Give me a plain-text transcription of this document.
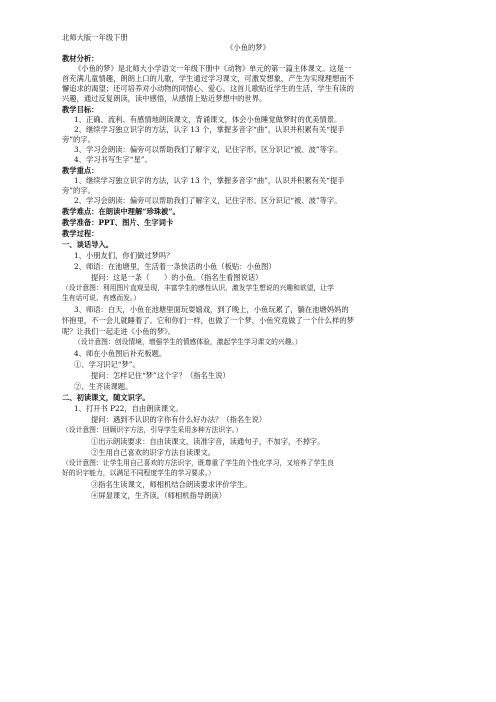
北师大版一年级下册
《小鱼的梦》
教材分析：
《小鱼的梦》是北师大小学语文一年级下册中《动物》单元的第一篇主体课文。这是一
首充满儿童情趣，朗朗上口的儿歌，学生通过学习课文，可激发想象，产生为实现理想而不
懈追求的渴望；还可培养对小动物的同情心、爱心。这首儿歌贴近学生的生活，学生有读的
兴趣，通过反复朗读，读中感悟，从感情上贴近梦想中的世界。
教学目标：
1、正确、流利、有感情地朗读课文，背诵课文，体会小鱼睡觉做梦时的优美情景。
2、继续学习独立识字的方法，认字 13 个，掌握多音字“曲”，认识并积累有关“提手
旁”的字。
3、学习会朗读：偏旁可以帮助我们了解字义，记住字形。区分识记“被、波”等字。
4、学习书写生字“星”。
教学重点：
1、继续学习独立识字的方法，认字 13 个，掌握多音字“曲”，认识并积累有关“提手
旁”的字。
2、学习会朗读：偏旁可以帮助我们了解字义，记住字形。区分识记“被、波”等字。
教学难点：在朗读中理解“珍珠被”。
教学准备：PPT、图片、生字词卡
教学过程：
一、谈话导入。
1、小朋友们，你们做过梦吗？
2、师语：在池塘里，生活着一条快活的小鱼（板贴：小鱼图）
提问：这是一条（　　）的小鱼。（指名生看图说话）
（设计意图：利用图片直观呈现，丰富学生的感性认识，激发学生想说的兴趣和欲望，让学
生有话可说、有感而发。）
3、师语：白天，小鱼在池塘里面玩耍嬉戏，到了晚上，小鱼玩累了，躺在池塘妈妈的
怀抱里，不一会儿就睡着了。它和你们一样，也做了一个梦，小鱼究竟做了一个什么样的梦
呢？让我们一起走进《小鱼的梦》。
（设计意图：创设情境，增强学生的情感体验，激起学生学习课文的兴趣。）
4、师在小鱼图后补充板题。
①、学习识记“梦”。
提问：怎样记住“梦”这个字？（指名生说）
②、生齐读课题。
二、初读课文，随文识字。
1、打开书 P22，自由朗读课文。
提问：遇到不认识的字你有什么好办法？（指名生说）
（设计意图：回顾识字方法，引导学生采用多种方法识字。）
①出示朗读要求：自由读课文，读准字音，读通句子，不加字，不掉字。
②生用自己喜欢的识字方法自读课文。
（设计意图：让学生用自己喜欢的方法识字，既尊重了学生的个性化学习，又培养了学生良
好的识字能力，以满足不同程度学生的学习要求。）
③指名生读课文，师相机结合朗读要求评价学生。
④屏显课文，生齐读。（师相机指导朗读）
